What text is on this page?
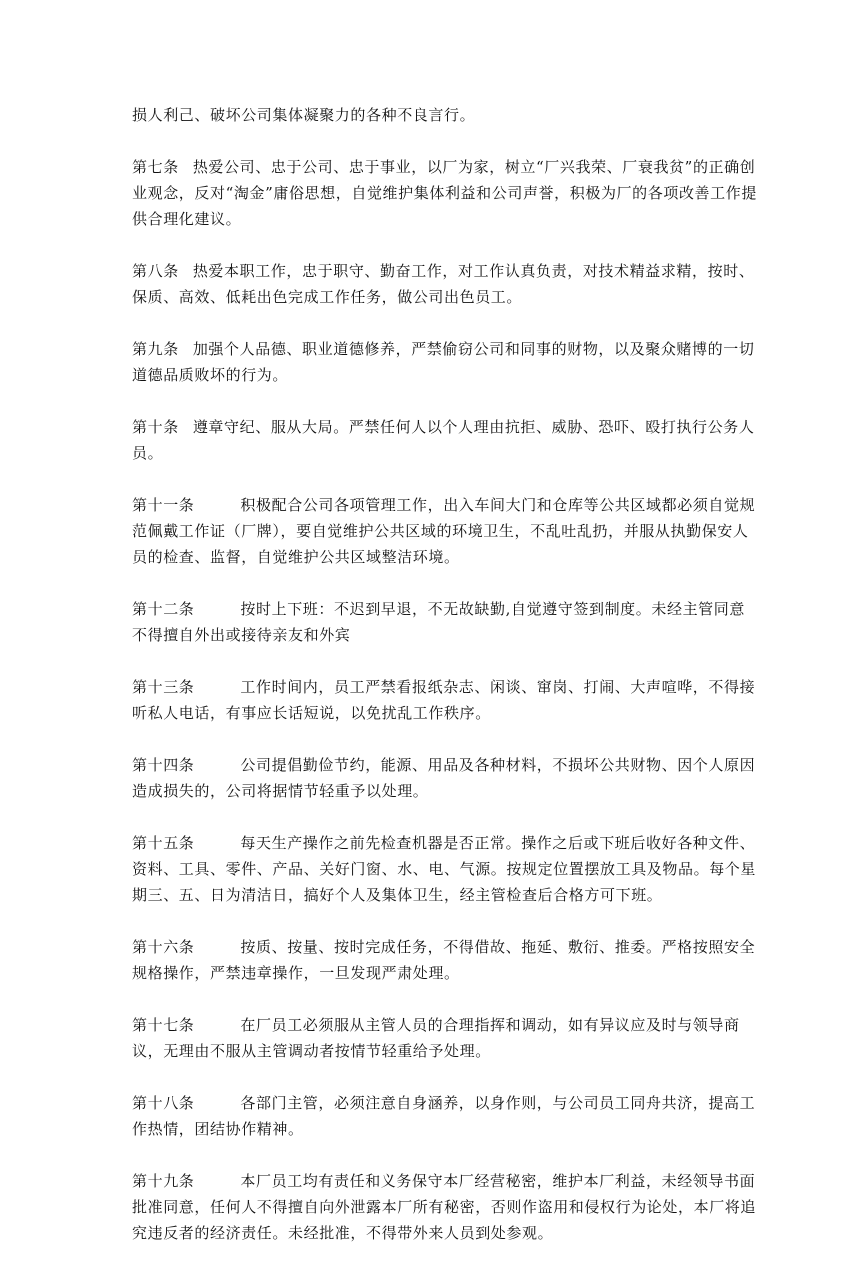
损人利己、破坏公司集体凝聚力的各种不良言行。

第七条 热爱公司、忠于公司、忠于事业，以厂为家，树立“厂兴我荣、厂衰我贫”的正确创业观念，反对“淘金”庸俗思想，自觉维护集体利益和公司声誉，积极为厂的各项改善工作提供合理化建议。

第八条 热爱本职工作，忠于职守、勤奋工作，对工作认真负责，对技术精益求精，按时、保质、高效、低耗出色完成工作任务，做公司出色员工。

第九条 加强个人品德、职业道德修养，严禁偷窃公司和同事的财物，以及聚众赌博的一切道德品质败坏的行为。

第十条 遵章守纪、服从大局。严禁任何人以个人理由抗拒、威胁、恐吓、殴打执行公务人员。

第十一条	积极配合公司各项管理工作，出入车间大门和仓库等公共区域都必须自觉规范佩戴工作证（厂牌），要自觉维护公共区域的环境卫生，不乱吐乱扔，并服从执勤保安人员的检查、监督，自觉维护公共区域整洁环境。

第十二条	按时上下班：不迟到早退，不无故缺勤,自觉遵守签到制度。未经主管同意不得擅自外出或接待亲友和外宾

第十三条	工作时间内，员工严禁看报纸杂志、闲谈、窜岗、打闹、大声喧哗，不得接听私人电话，有事应长话短说，以免扰乱工作秩序。

第十四条	公司提倡勤俭节约，能源、用品及各种材料，不损坏公共财物、因个人原因造成损失的，公司将据情节轻重予以处理。

第十五条	每天生产操作之前先检查机器是否正常。操作之后或下班后收好各种文件、资料、工具、零件、产品、关好门窗、水、电、气源。按规定位置摆放工具及物品。每个星期三、五、日为清洁日，搞好个人及集体卫生，经主管检查后合格方可下班。

第十六条	按质、按量、按时完成任务，不得借故、拖延、敷衍、推委。严格按照安全规格操作，严禁违章操作，一旦发现严肃处理。

第十七条	在厂员工必须服从主管人员的合理指挥和调动，如有异议应及时与领导商议，无理由不服从主管调动者按情节轻重给予处理。

第十八条	各部门主管，必须注意自身涵养，以身作则，与公司员工同舟共济，提高工作热情，团结协作精神。

第十九条	本厂员工均有责任和义务保守本厂经营秘密，维护本厂利益，未经领导书面批准同意，任何人不得擅自向外泄露本厂所有秘密，否则作盗用和侵权行为论处，本厂将追究违反者的经济责任。未经批准，不得带外来人员到处参观。
